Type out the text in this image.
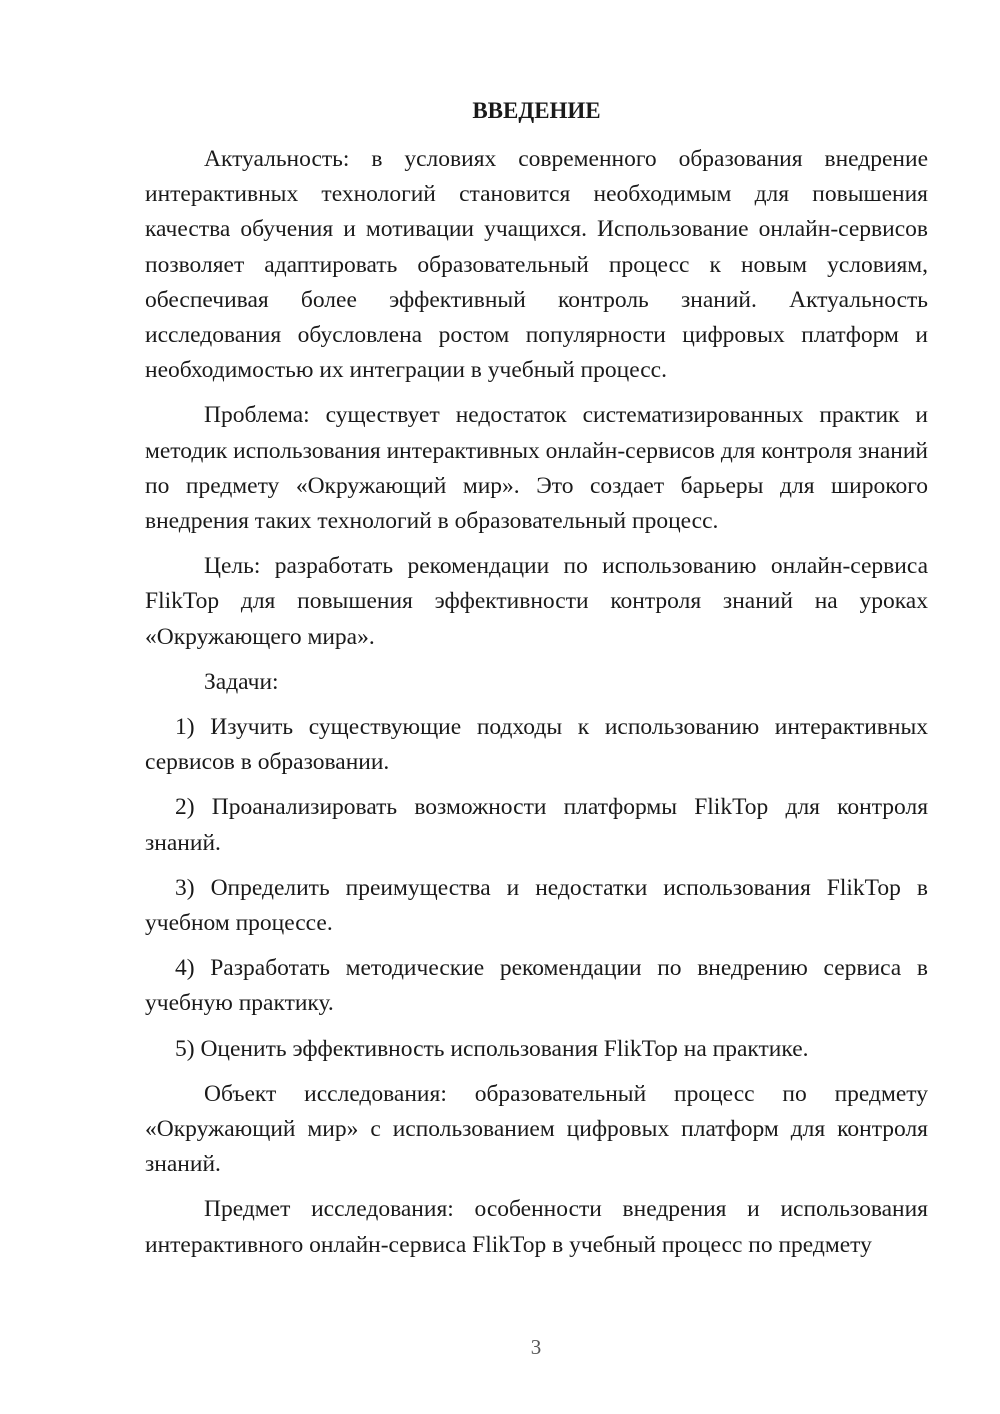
ВВЕДЕНИЕ

Актуальность: в условиях современного образования внедрение интерактивных технологий становится необходимым для повышения качества обучения и мотивации учащихся. Использование онлайн-сервисов позволяет адаптировать образовательный процесс к новым условиям, обеспечивая более эффективный контроль знаний. Актуальность исследования обусловлена ростом популярности цифровых платформ и необходимостью их интеграции в учебный процесс.

Проблема: существует недостаток систематизированных практик и методик использования интерактивных онлайн-сервисов для контроля знаний по предмету «Окружающий мир». Это создает барьеры для широкого внедрения таких технологий в образовательный процесс.

Цель: разработать рекомендации по использованию онлайн-сервиса FlikTop для повышения эффективности контроля знаний на уроках «Окружающего мира».

Задачи:

1) Изучить существующие подходы к использованию интерактивных сервисов в образовании.

2) Проанализировать возможности платформы FlikTop для контроля знаний.

3) Определить преимущества и недостатки использования FlikTop в учебном процессе.

4) Разработать методические рекомендации по внедрению сервиса в учебную практику.

5) Оценить эффективность использования FlikTop на практике.

Объект исследования: образовательный процесс по предмету «Окружающий мир» с использованием цифровых платформ для контроля знаний.

Предмет исследования: особенности внедрения и использования интерактивного онлайн-сервиса FlikTop в учебный процесс по предмету

3
